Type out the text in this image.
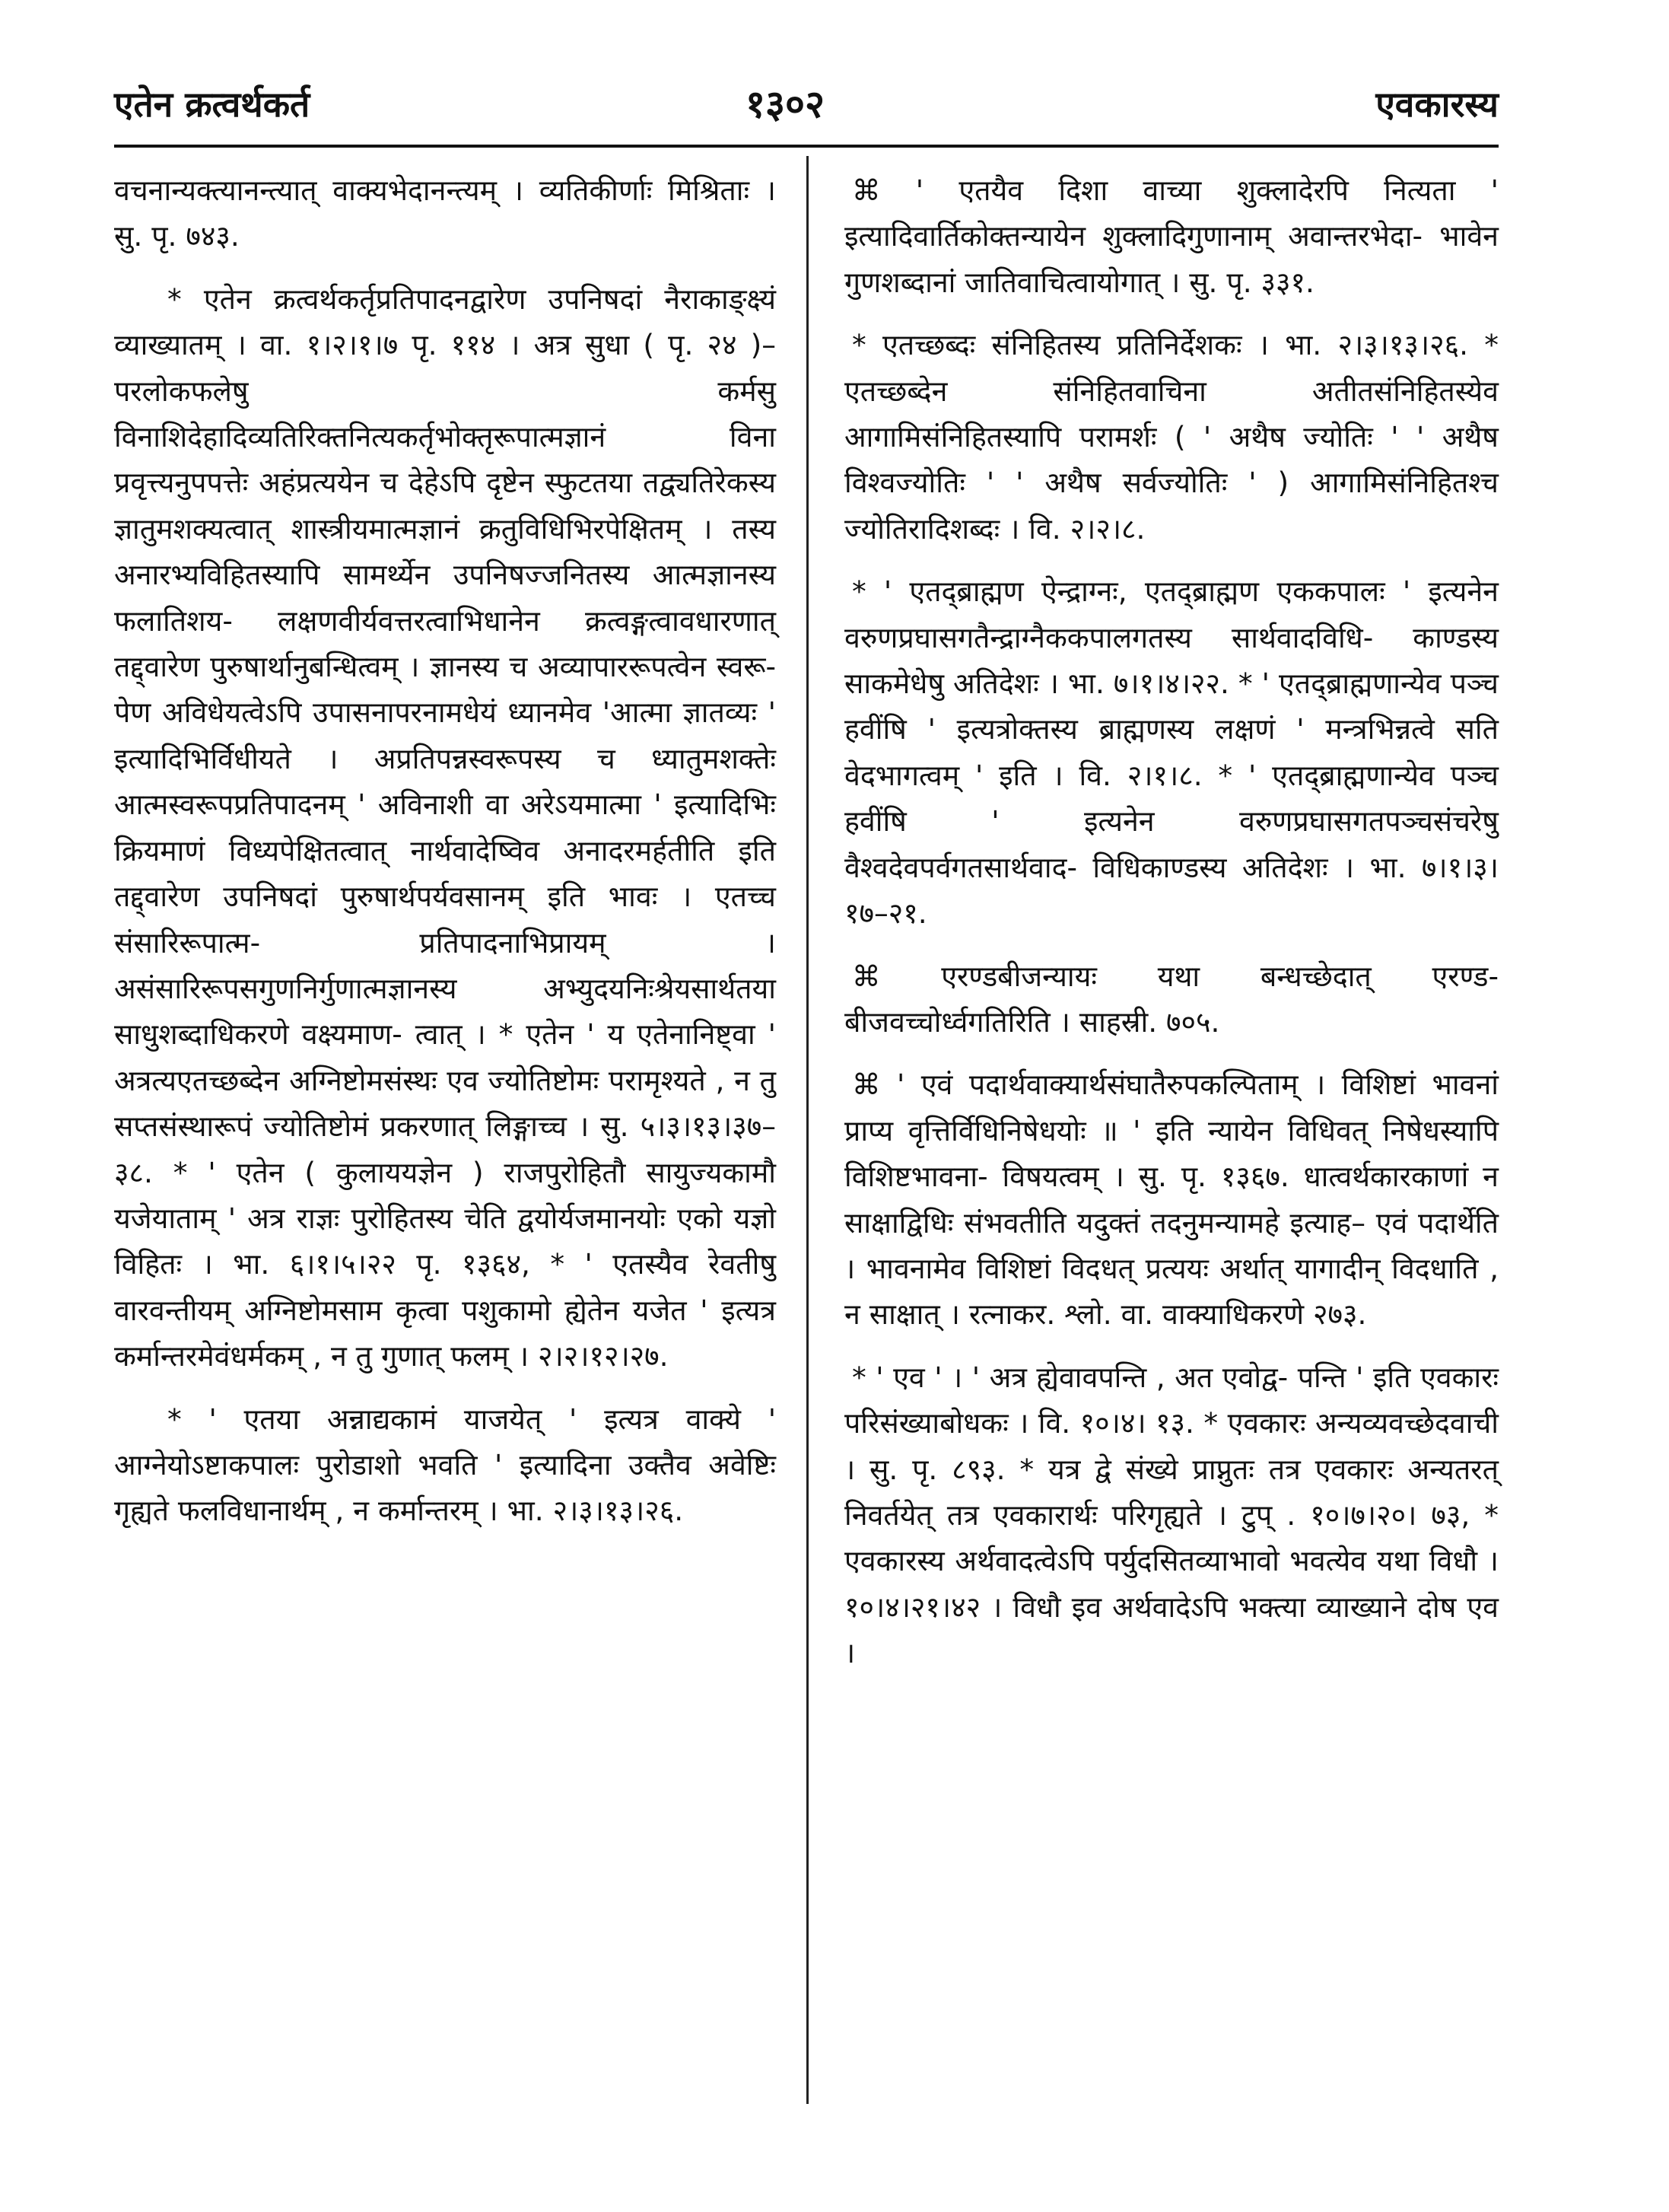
एतेन क्रत्वर्थकर्त	१३०२	एवकारस्य

वचनान्यक्त्यानन्त्यात् वाक्यभेदानन्त्यम् । व्यतिकीर्णाः मिश्रिताः । सु. पृ. ७४३.

* एतेन क्रत्वर्थकर्तृप्रतिपादनद्वारेण उपनिषदां नैराकाङ्क्ष्यं व्याख्यातम् । वा. १।२।१।७ पृ. ११४ । अत्र सुधा ( पृ. २४ )– परलोकफलेषु कर्मसु विनाशिदेहादिव्यतिरिक्तनित्यकर्तृभोक्तृरूपात्मज्ञानं विना प्रवृत्त्यनुपपत्तेः अहंप्रत्ययेन च देहेऽपि दृष्टेन स्फुटतया तद्व्यतिरेकस्य ज्ञातुमशक्यत्वात् शास्त्रीयमात्मज्ञानं क्रतुविधिभिरपेक्षितम् । तस्य अनारभ्यविहितस्यापि सामर्थ्येन उपनिषज्जनितस्य आत्मज्ञानस्य फलातिशय- लक्षणवीर्यवत्तरत्वाभिधानेन क्रत्वङ्गत्वावधारणात् तद्द्वारेण पुरुषार्थानुबन्धित्वम् । ज्ञानस्य च अव्यापाररूपत्वेन स्वरू- पेण अविधेयत्वेऽपि उपासनापरनामधेयं ध्यानमेव 'आत्मा ज्ञातव्यः ' इत्यादिभिर्विधीयते । अप्रतिपन्नस्वरूपस्य च ध्यातुमशक्तेः आत्मस्वरूपप्रतिपादनम् ' अविनाशी वा अरेऽयमात्मा ' इत्यादिभिः क्रियमाणं विध्यपेक्षितत्वात् नार्थवादेष्विव अनादरमर्हतीति इति तद्द्वारेण उपनिषदां पुरुषार्थपर्यवसानम् इति भावः । एतच्च संसारिरूपात्म- प्रतिपादनाभिप्रायम् । असंसारिरूपसगुणनिर्गुणात्मज्ञानस्य अभ्युदयनिःश्रेयसार्थतया साधुशब्दाधिकरणे वक्ष्यमाण- त्वात् । * एतेन ' य एतेनानिष्ट्वा ' अत्रत्यएतच्छब्देन अग्निष्टोमसंस्थः एव ज्योतिष्टोमः परामृश्यते , न तु सप्तसंस्थारूपं ज्योतिष्टोमं प्रकरणात् लिङ्गाच्च । सु. ५।३।१३।३७–३८. * ' एतेन ( कुलाययज्ञेन ) राजपुरोहितौ सायुज्यकामौ यजेयाताम् ' अत्र राज्ञः पुरोहितस्य चेति द्वयोर्यजमानयोः एको यज्ञो विहितः । भा. ६।१।५।२२ पृ. १३६४, * ' एतस्यैव रेवतीषु वारवन्तीयम् अग्निष्टोमसाम कृत्वा पशुकामो ह्येतेन यजेत ' इत्यत्र कर्मान्तरमेवंधर्मकम् , न तु गुणात् फलम् । २।२।१२।२७.

* ' एतया अन्नाद्यकामं याजयेत् ' इत्यत्र वाक्ये ' आग्नेयोऽष्टाकपालः पुरोडाशो भवति ' इत्यादिना उक्तैव अवेष्टिः गृह्यते फलविधानार्थम् , न कर्मान्तरम् । भा. २।३।१३।२६.

⌘ ' एतयैव दिशा वाच्या शुक्लादेरपि नित्यता ' इत्यादिवार्तिकोक्तन्यायेन शुक्लादिगुणानाम् अवान्तरभेदा- भावेन गुणशब्दानां जातिवाचित्वायोगात् । सु. पृ. ३३१.

* एतच्छब्दः संनिहितस्य प्रतिनिर्देशकः । भा. २।३।१३।२६. * एतच्छब्देन संनिहितवाचिना अतीतसंनिहितस्येव आगामिसंनिहितस्यापि परामर्शः ( ' अथैष ज्योतिः ' ' अथैष विश्वज्योतिः ' ' अथैष सर्वज्योतिः ' ) आगामिसंनिहितश्च ज्योतिरादिशब्दः । वि. २।२।८.

* ' एतद्ब्राह्मण ऐन्द्राग्नः, एतद्ब्राह्मण एककपालः ' इत्यनेन वरुणप्रघासगतैन्द्राग्नैककपालगतस्य सार्थवादविधि- काण्डस्य साकमेधेषु अतिदेशः । भा. ७।१।४।२२. * ' एतद्ब्राह्मणान्येव पञ्च हवींषि ' इत्यत्रोक्तस्य ब्राह्मणस्य लक्षणं ' मन्त्रभिन्नत्वे सति वेदभागत्वम् ' इति । वि. २।१।८. * ' एतद्ब्राह्मणान्येव पञ्च हवींषि ' इत्यनेन वरुणप्रघासगतपञ्चसंचरेषु वैश्वदेवपर्वगतसार्थवाद- विधिकाण्डस्य अतिदेशः । भा. ७।१।३।१७–२१.

⌘ एरण्डबीजन्यायः यथा बन्धच्छेदात् एरण्ड- बीजवच्चोर्ध्वगतिरिति । साहस्री. ७०५.

⌘ ' एवं पदार्थवाक्यार्थसंघातैरुपकल्पिताम् । विशिष्टां भावनां प्राप्य वृत्तिर्विधिनिषेधयोः ॥ ' इति न्यायेन विधिवत् निषेधस्यापि विशिष्टभावना- विषयत्वम् । सु. पृ. १३६७. धात्वर्थकारकाणां न साक्षाद्विधिः संभवतीति यदुक्तं तदनुमन्यामहे इत्याह– एवं पदार्थेति । भावनामेव विशिष्टां विदधत् प्रत्ययः अर्थात् यागादीन् विदधाति , न साक्षात् । रत्नाकर. श्लो. वा. वाक्याधिकरणे २७३.

* ' एव ' । ' अत्र ह्येवावपन्ति , अत एवोद्व- पन्ति ' इति एवकारः परिसंख्याबोधकः । वि. १०।४। १३. * एवकारः अन्यव्यवच्छेदवाची । सु. पृ. ८९३. * यत्र द्वे संख्ये प्राप्नुतः तत्र एवकारः अन्यतरत् निवर्तयेत् तत्र एवकारार्थः परिगृह्यते । टुप् . १०।७।२०। ७३, * एवकारस्य अर्थवादत्वेऽपि पर्युदसितव्याभावो भवत्येव यथा विधौ । १०।४।२१।४२ । विधौ इव अर्थवादेऽपि भक्त्या व्याख्याने दोष एव ।
